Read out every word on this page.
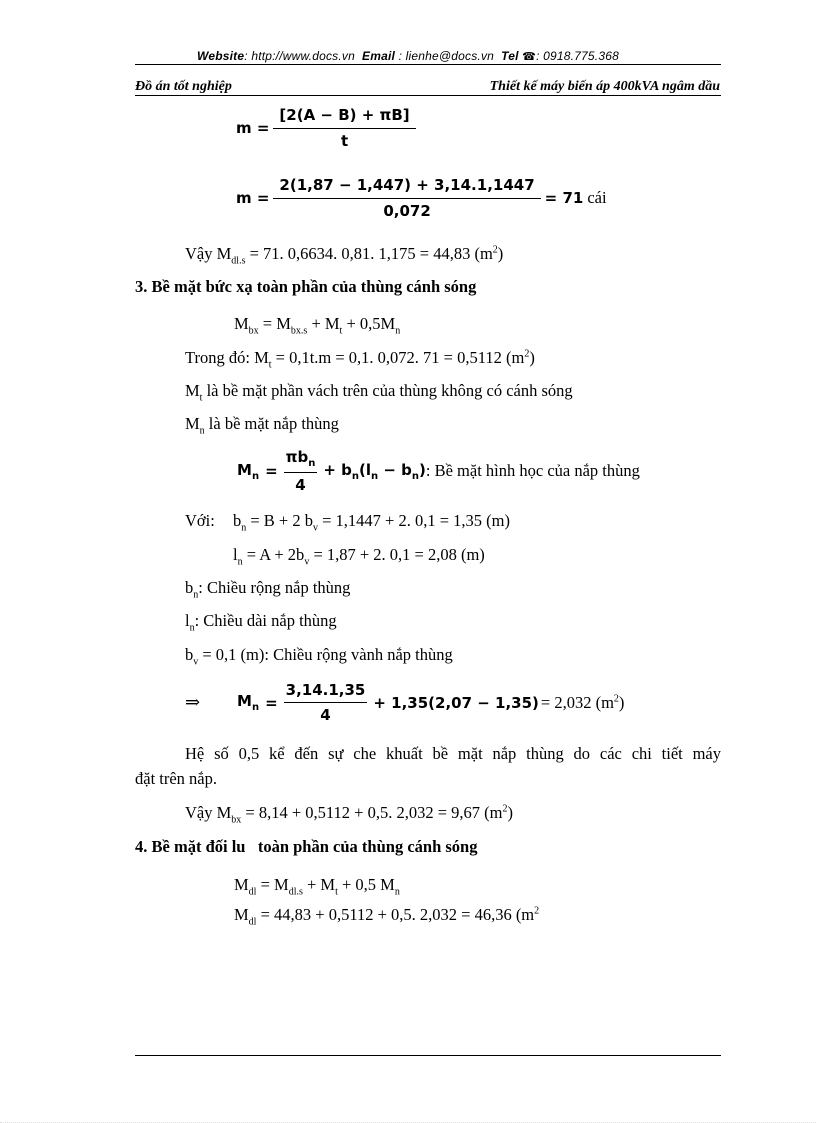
Website: http://www.docs.vn Email : lienhe@docs.vn Tel ☎: 0918.775.368
Đồ án tốt nghiệp	Thiết kế máy biến áp 400kVA ngâm dầu
$m = \frac{[2(A - B) + \pi B]}{t}$
$m = \frac{2(1,87 - 1,447) + 3,14.1,1447}{0,072} = 71$ cái
Vậy $M_{dl.s} = 71$. 0,6634. 0,81. 1,175 = 44,83 $(m^2)$
3. Bề mặt bức xạ toàn phần của thùng cánh sóng
$M_{bx} = M_{bx.s} + M_t + 0,5M_n$
Trong đó: $M_t = 0,1t.m = 0,1$. 0,072. 71 = 0,5112 $(m^2)$
$M_t$ là bề mặt phần vách trên của thùng không có cánh sóng
$M_n$ là bề mặt nắp thùng
$M_n = \frac{\pi b_n}{4} + b_n(l_n - b_n)$ : Bề mặt hình học của nắp thùng
Với: $b_n = B + 2$ $b_v = 1,1447 + 2$. 0,1 = 1,35 (m)
$l_n = A + 2b_v = 1,87 + 2$. 0,1 = 2,08 (m)
$b_n$: Chiều rộng nắp thùng
$l_n$: Chiều dài nắp thùng
$b_v = 0,1$ (m): Chiều rộng vành nắp thùng
⇒	$M_n = \frac{3,14.1,35}{4} + 1,35(2,07 - 1,35) = 2,032$ $(m^2)$
Hệ số 0,5 kể đến sự che khuất bề mặt nắp thùng do các chi tiết máy
đặt trên nắp.
Vậy $M_{bx} = 8,14 + 0,5112 + 0,5$. 2,032 = 9,67 $(m^2)$
4. Bề mặt đối lu   toàn phần của thùng cánh sóng
$M_{dl} = M_{dl.s} + M_t + 0,5$ $M_n$
$M_{dl} = 44,83 + 0,5112 + 0,5$. 2,032 = 46,36 ($m^2$
